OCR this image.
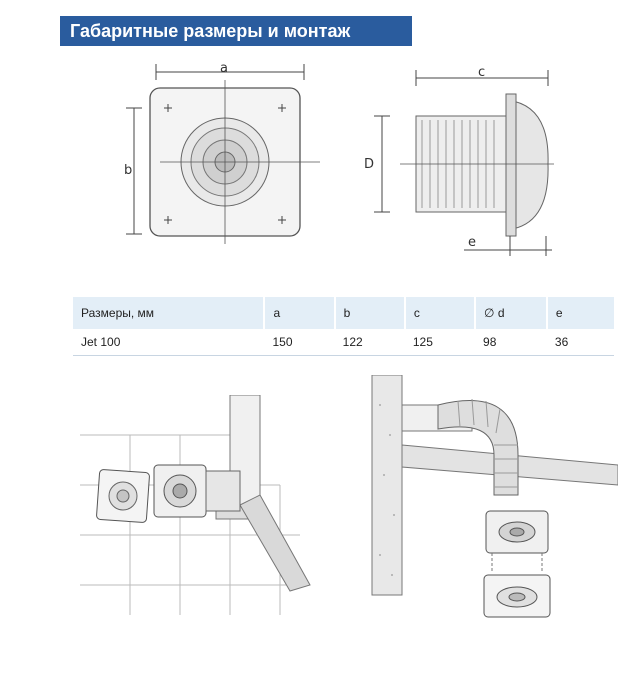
Габаритные размеры и монтаж
a
b
c
D
e
Размеры, мм	a	b	c	∅ d	e
Jet 100	150	122	125	98	36
